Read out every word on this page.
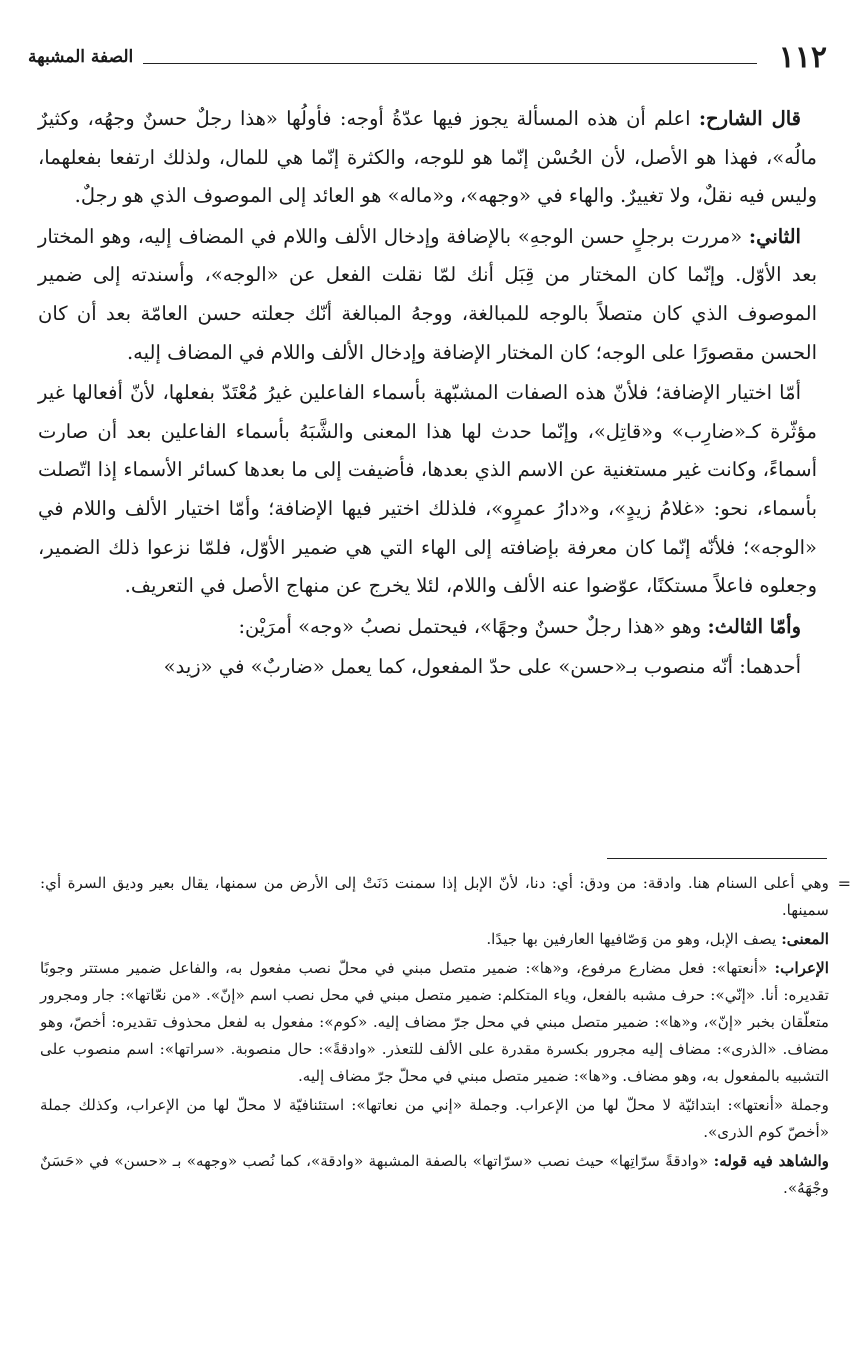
١١٢
الصفة المشبهة

قال الشارح: اعلم أن هذه المسألة يجوز فيها عدّةُ أوجه: فأولُها «هذا رجلٌ حسنٌ وجهُه، وكثيرٌ مالُه»، فهذا هو الأصل، لأن الحُسْن إنّما هو للوجه، والكثرة إنّما هي للمال، ولذلك ارتفعا بفعلهما، وليس فيه نقلٌ، ولا تغييرٌ. والهاء في «وجهه»، و«ماله» هو العائد إلى الموصوف الذي هو رجلٌ.

الثاني: «مررت برجلٍ حسن الوجهِ» بالإضافة وإدخال الألف واللام في المضاف إليه، وهو المختار بعد الأوّل. وإنّما كان المختار من قِبَل أنك لمّا نقلت الفعل عن «الوجه»، وأسندته إلى ضمير الموصوف الذي كان متصلاً بالوجه للمبالغة، ووجهُ المبالغة أنّك جعلته حسن العامّة بعد أن كان الحسن مقصورًا على الوجه؛ كان المختار الإضافة وإدخال الألف واللام في المضاف إليه.

أمّا اختيار الإضافة؛ فلأنّ هذه الصفات المشبّهة بأسماء الفاعلين غيرُ مُعْتَدّ بفعلها، لأنّ أفعالها غير مؤثّرة كـ«ضارِب» و«قاتِل»، وإنّما حدث لها هذا المعنى والشَّبَهُ بأسماء الفاعلين بعد أن صارت أسماءً، وكانت غير مستغنية عن الاسم الذي بعدها، فأضيفت إلى ما بعدها كسائر الأسماء إذا اتّصلت بأسماء، نحو: «غلامُ زيدٍ»، و«دارُ عمرٍو»، فلذلك اختير فيها الإضافة؛ وأمّا اختيار الألف واللام في «الوجه»؛ فلأنّه إنّما كان معرفة بإضافته إلى الهاء التي هي ضمير الأوّل، فلمّا نزعوا ذلك الضمير، وجعلوه فاعلاً مستكنًا، عوّضوا عنه الألف واللام، لئلا يخرج عن منهاج الأصل في التعريف.

وأمّا الثالث: وهو «هذا رجلٌ حسنٌ وجهًا»، فيحتمل نصبُ «وجه» أمرَيْن:

أحدهما: أنّه منصوب بـ«حسن» على حدّ المفعول، كما يعمل «ضاربٌ» في «زيد»

=

وهي أعلى السنام هنا. وادقة: من ودق: أي: دنا، لأنّ الإبل إذا سمنت دَنَتْ إلى الأرض من سمنها، يقال بعير وديق السرة أي: سمينها.

المعنى: يصف الإبل، وهو من وَصّافيها العارفين بها جيدًا.

الإعراب: «أنعتها»: فعل مضارع مرفوع، و«ها»: ضمير متصل مبني في محلّ نصب مفعول به، والفاعل ضمير مستتر وجوبًا تقديره: أنا. «إنّي»: حرف مشبه بالفعل، وياء المتكلم: ضمير متصل مبني في محل نصب اسم «إنّ». «من نعّاتها»: جار ومجرور متعلّقان بخبر «إنّ»، و«ها»: ضمير متصل مبني في محل جرّ مضاف إليه. «كوم»: مفعول به لفعل محذوف تقديره: أخصّ، وهو مضاف. «الذرى»: مضاف إليه مجرور بكسرة مقدرة على الألف للتعذر. «وادقةً»: حال منصوبة. «سراتها»: اسم منصوب على التشبيه بالمفعول به، وهو مضاف. و«ها»: ضمير متصل مبني في محلّ جرّ مضاف إليه.

وجملة «أنعتها»: ابتدائيّة لا محلّ لها من الإعراب. وجملة «إني من نعاتها»: استئنافيّة لا محلّ لها من الإعراب، وكذلك جملة «أخصّ كوم الذرى».

والشاهد فيه قوله: «وادقةً سرّاتِها» حيث نصب «سرّاتها» بالصفة المشبهة «وادقة»، كما نُصب «وجهه» بـ «حسن» في «حَسَنٌ وجْهَهُ».
